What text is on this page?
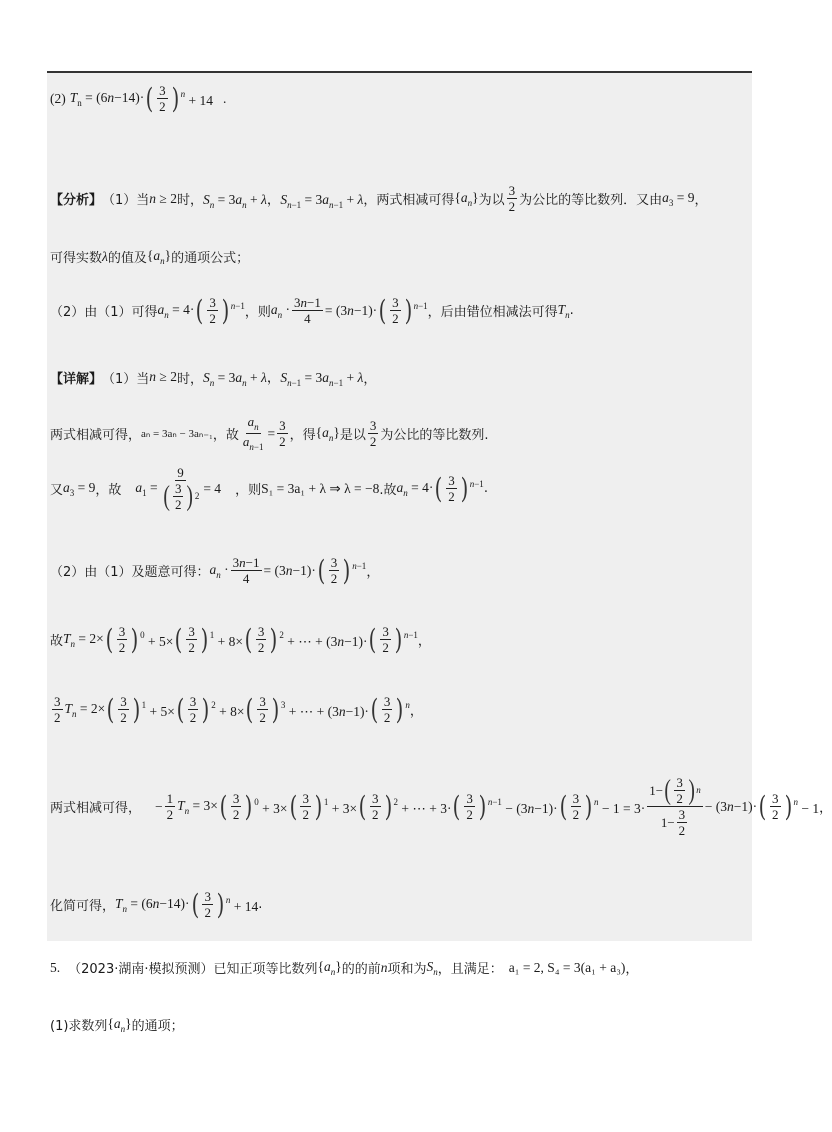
(2) $T_n = (6n-14)\cdot$ ( $\frac{3}{2}$ ) $^n$ + 14 .
【分析】 （1）当 n ≥ 2 时， $S_n = 3a_n + \lambda$，$S_{n-1} = 3a_{n-1} + \lambda$ ，两式相减可得 $\{a_n\}$ 为以 $\frac{3}{2}$ 为公比的等比数列．又由 $a_3 = 9$ ，
可得实数 λ 的值及 $\{a_n\}$ 的通项公式；
（2）由（1）可得 $a_n = 4\cdot$ ( $\frac{3}{2}$ ) $^{n-1}$ ，则 $a_n \cdot \frac{3n-1}{4} = (3n-1)\cdot$ ( $\frac{3}{2}$ ) $^{n-1}$ ，后由错位相减法可得 $T_n$ .
【详解】 （1）当 n ≥ 2 时， $S_n = 3a_n + \lambda$，$S_{n-1} = 3a_{n-1} + \lambda$ ，
两式相减可得， aₙ = 3aₙ − 3aₙ₋₁ ，故 $\frac{a_n}{a_{n-1}} = \frac{3}{2}$ ，得 $\{a_n\}$ 是以 $\frac{3}{2}$ 为公比的等比数列.
又 $a_3 = 9$ ，故 $a_1 = \frac{9}{( \frac{3}{2} ) 2} = 4$ ，则 S₁ = 3a₁ + λ ⇒ λ = −8 .故 $a_n = 4\cdot$ ( $\frac{3}{2}$ ) $^{n-1}$ .
（2）由（1）及题意可得： $a_n \cdot \frac{3n-1}{4} = (3n-1)\cdot$ ( $\frac{3}{2}$ ) $^{n-1}$ ，
故 $T_n = 2\times$ ( $\frac{3}{2}$ ) $^0$ + 5× ( $\frac{3}{2}$ ) $^1$ + 8× ( $\frac{3}{2}$ ) $^2$ + ⋯ + (3n−1)· ( $\frac{3}{2}$ ) $^{n-1}$ ，
$\frac{3}{2} T_n = 2\times$ ( $\frac{3}{2}$ ) $^1$ + 5× ( $\frac{3}{2}$ ) $^2$ + 8× ( $\frac{3}{2}$ ) $^3$ + ⋯ + (3n−1)· ( $\frac{3}{2}$ ) $^n$ ，
两式相减可得， − $\frac{1}{2} T_n = 3\times$ ( $\frac{3}{2}$ ) $^0$ + 3× ( $\frac{3}{2}$ ) $^1$ + 3× ( $\frac{3}{2}$ ) $^2$ + ⋯ + 3· ( $\frac{3}{2}$ ) $^{n-1}$ − (3n−1)· ( $\frac{3}{2}$ ) $^n - 1 = 3\cdot \frac{1- ( \frac{3}{2} ) n}{1- \frac{3}{2}} - (3n-1)\cdot$ ( $\frac{3}{2}$ ) $^n$ − 1 ，
化简可得， $T_n = (6n-14)\cdot$ ( $\frac{3}{2}$ ) $^n$ + 14 .
5. （2023·湖南·模拟预测）已知正项等比数列 $\{a_n\}$ 的的前 n 项和为 $S_n$ ，且满足： a₁ = 2, S₄ = 3(a₁ + a₃) ，
(1)求数列 $\{a_n\}$ 的通项；
